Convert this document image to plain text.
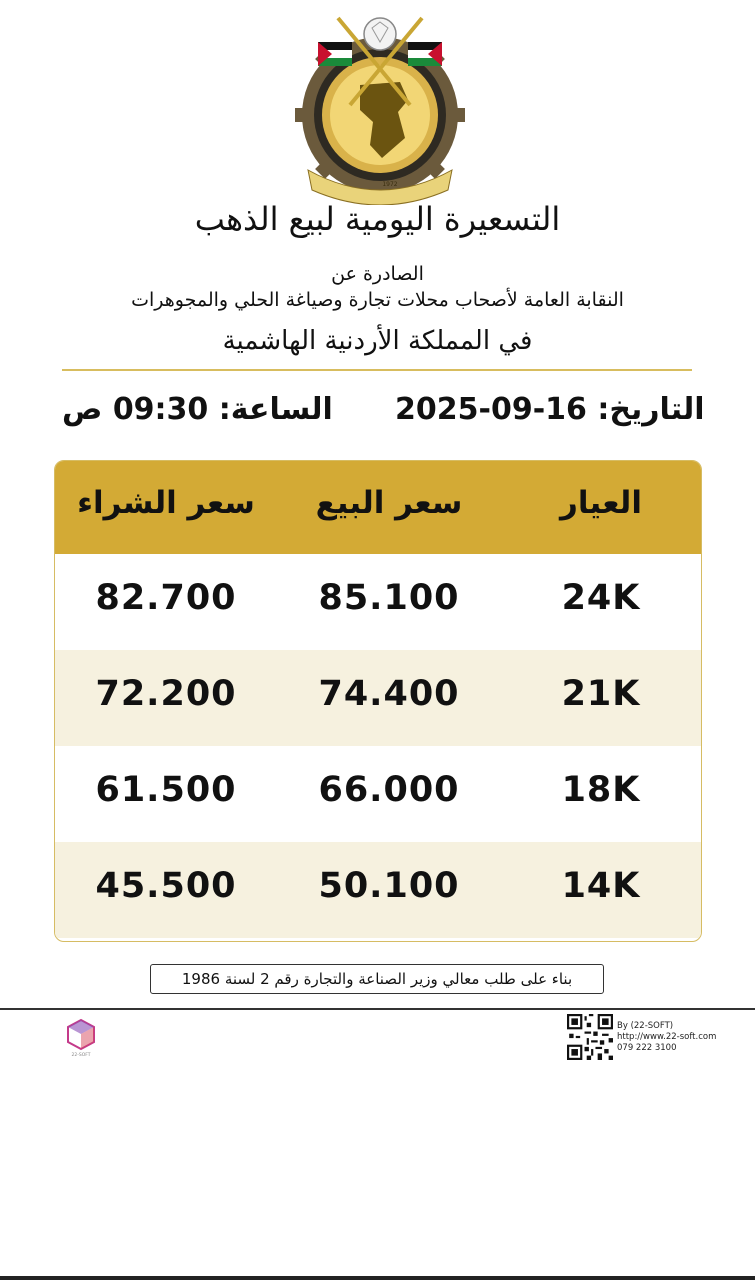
1972
التسعيرة اليومية لبيع الذهب
الصادرة عن
النقابة العامة لأصحاب محلات تجارة وصياغة الحلي والمجوهرات
في المملكة الأردنية الهاشمية
التاريخ: 16-09-2025
الساعة: 09:30 ص
العيار
سعر البيع
سعر الشراء
24K
85.100
82.700
21K
74.400
72.200
18K
66.000
61.500
14K
50.100
45.500
بناء على طلب معالي وزير الصناعة والتجارة رقم 2 لسنة 1986
22-SOFT
By (22-SOFT)
http://www.22-soft.com
079 222 3100
